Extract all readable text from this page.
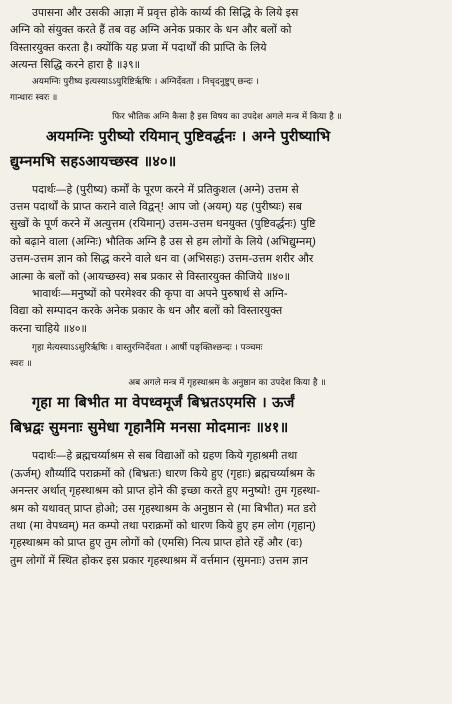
उपासना और उसकी आज्ञा में प्रवृत्त होके कार्य्य की सिद्धि के लिये इस
अग्नि को संयुक्त करते हैं तब वह अग्नि अनेक प्रकार के धन और बलों को
विस्तारयुक्त करता है। क्योंकि यह प्रजा में पदार्थों की प्राप्ति के लिये
अत्यन्त सिद्धि करने हारा है ॥३९॥
अयमग्निः पुरीष्य इत्यस्याऽऽयुरिष्टिर्ऋषिः । अग्निर्देवता । निचृदनुष्टुप् छन्दः ।
गान्धारः स्वरः ॥
फिर भौतिक अग्नि कैसा है इस विषय का उपदेश अगले मन्त्र में किया है ॥
अयमग्निः पुरीष्यो रयिमान् पुष्टिवर्द्धनः । अग्ने पुरीष्याभि
द्युम्नमभि सहऽआयच्छस्व ॥४०॥
पदार्थः—हे (पुरीष्य) कर्मों के पूरण करने में प्रतिकुशल (अग्ने) उत्तम से
उत्तम पदार्थों के प्राप्त कराने वाले विद्वन्! आप जो (अयम्) यह (पुरीष्यः) सब
सुखों के पूर्ण करने में अत्युत्तम (रयिमान्) उत्तम-उत्तम धनयुक्त (पुष्टिवर्द्धनः) पुष्टि
को बढ़ाने वाला (अग्निः) भौतिक अग्नि है उस से हम लोगों के लिये (अभिद्युम्नम्)
उत्तम-उत्तम ज्ञान को सिद्ध करने वाले धन वा (अभिसहः) उत्तम-उत्तम शरीर और
आत्मा के बलों को (आयच्छस्व) सब प्रकार से विस्तारयुक्त कीजिये ॥४०॥
भावार्थः—मनुष्यों को परमेश्वर की कृपा वा अपने पुरुषार्थ से अग्नि-
विद्या को सम्पादन करके अनेक प्रकार के धन और बलों को विस्तारयुक्त
करना चाहिये ॥४०॥
गृहा मेत्यस्याऽऽसुरिर्ऋषिः । वास्तुरग्निर्देवता । आर्षी पङ्क्तिश्छन्दः । पञ्चमः
स्वरः ॥
अब अगले मन्त्र में गृहस्थाश्रम के अनुष्ठान का उपदेश किया है ॥
गृहा मा बिभीत मा वेपध्वमूर्जं बिभ्रतऽएमसि । ऊर्जं
बिभ्रद्वः सुमनाः सुमेधा गृहानैमि मनसा मोदमानः ॥४१॥
पदार्थः—हे ब्रह्मचर्य्याश्रम से सब विद्याओं को ग्रहण किये गृहाश्रमी तथा
(ऊर्जम्) शौर्य्यादि पराक्रमों को (बिभ्रतः) धारण किये हुए (गृहाः) ब्रह्मचर्य्याश्रम के
अनन्तर अर्थात् गृहस्थाश्रम को प्राप्त होने की इच्छा करते हुए मनुष्यो! तुम गृहस्था-
श्रम को यथावत् प्राप्त होओ; उस गृहस्थाश्रम के अनुष्ठान से (मा बिभीत) मत डरो
तथा (मा वेपध्वम्) मत कम्पो तथा पराक्रमों को धारण किये हुए हम लोग (गृहान्)
गृहस्थाश्रम को प्राप्त हुए तुम लोगों को (एमसि) नित्य प्राप्त होते रहें और (वः)
तुम लोगों में स्थित होकर इस प्रकार गृहस्थाश्रम में वर्त्तमान (सुमनाः) उत्तम ज्ञान
